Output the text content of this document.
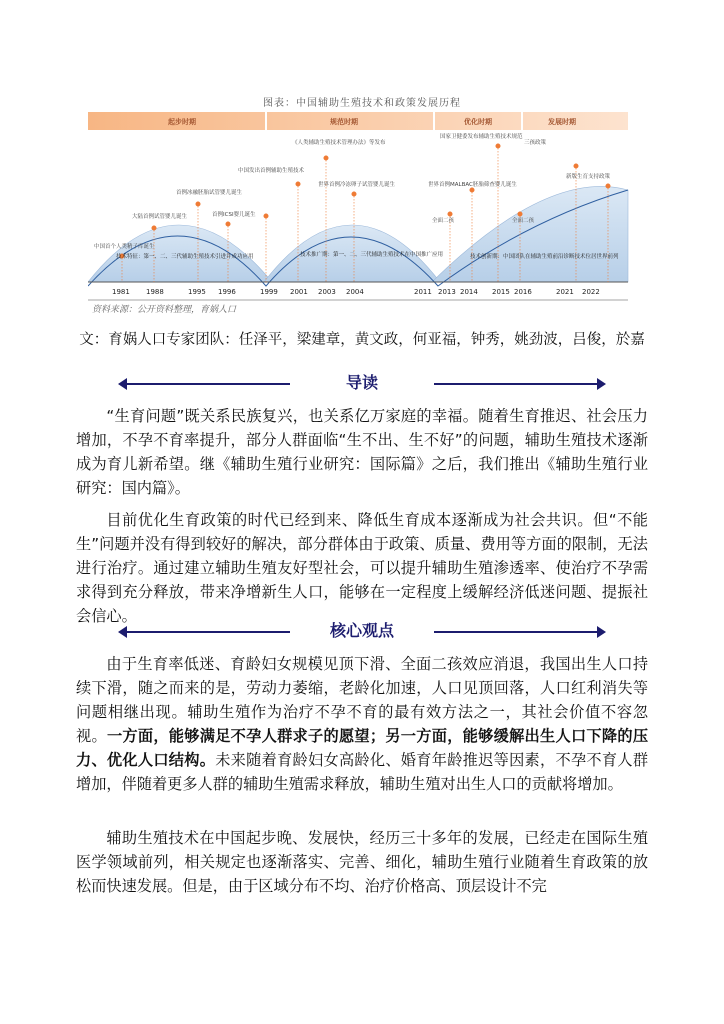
图表：中国辅助生殖技术和政策发展历程
起步时期	规范时期	优化时期	发展时期
中国首个人类精子库诞生
大陆首例试管婴儿诞生
首例冰融胚胎试管婴儿诞生
首例ICSI婴儿诞生
中国发出首例辅助生殖技术
世界首例冷冻卵子试管婴儿诞生
《人类辅助生殖技术管理办法》等发布
国家卫健委发布辅助生殖技术规范
全面二孩
世界首例MALBAC胚胎筛查婴儿诞生
全面二孩
三孩政策
新版生育支持政策
技术特征：第一、二、三代辅助生殖技术引进并成功应用	技术推广期：第一、二、三代辅助生殖技术在中国推广应用	技术创新期：中国团队在辅助生殖前沿诊断技术位居世界前列
1981 1988	1995 1996	1999 2001 2003 2004	2011 2013 2014 2015 2016	2021 2022
资料来源：公开资料整理，育娲人口
文：育娲人口专家团队：任泽平，梁建章，黄文政，何亚福，钟秀，姚劲波，吕俊，於嘉
导读

“生育问题”既关系民族复兴，也关系亿万家庭的幸福。随着生育推迟、社会压力增加，不孕不育率提升，部分人群面临“生不出、生不好”的问题，辅助生殖技术逐渐成为育儿新希望。继《辅助生殖行业研究：国际篇》之后，我们推出《辅助生殖行业研究：国内篇》。

目前优化生育政策的时代已经到来、降低生育成本逐渐成为社会共识。但“不能生”问题并没有得到较好的解决，部分群体由于政策、质量、费用等方面的限制，无法进行治疗。通过建立辅助生殖友好型社会，可以提升辅助生殖渗透率、使治疗不孕需求得到充分释放，带来净增新生人口，能够在一定程度上缓解经济低迷问题、提振社会信心。

核心观点

由于生育率低迷、育龄妇女规模见顶下滑、全面二孩效应消退，我国出生人口持续下滑，随之而来的是，劳动力萎缩，老龄化加速，人口见顶回落，人口红利消失等问题相继出现。辅助生殖作为治疗不孕不育的最有效方法之一，其社会价值不容忽视。一方面，能够满足不孕人群求子的愿望；另一方面，能够缓解出生人口下降的压力、优化人口结构。未来随着育龄妇女高龄化、婚育年龄推迟等因素，不孕不育人群增加，伴随着更多人群的辅助生殖需求释放，辅助生殖对出生人口的贡献将增加。

辅助生殖技术在中国起步晚、发展快，经历三十多年的发展，已经走在国际生殖医学领域前列，相关规定也逐渐落实、完善、细化，辅助生殖行业随着生育政策的放松而快速发展。但是，由于区域分布不均、治疗价格高、顶层设计不完
